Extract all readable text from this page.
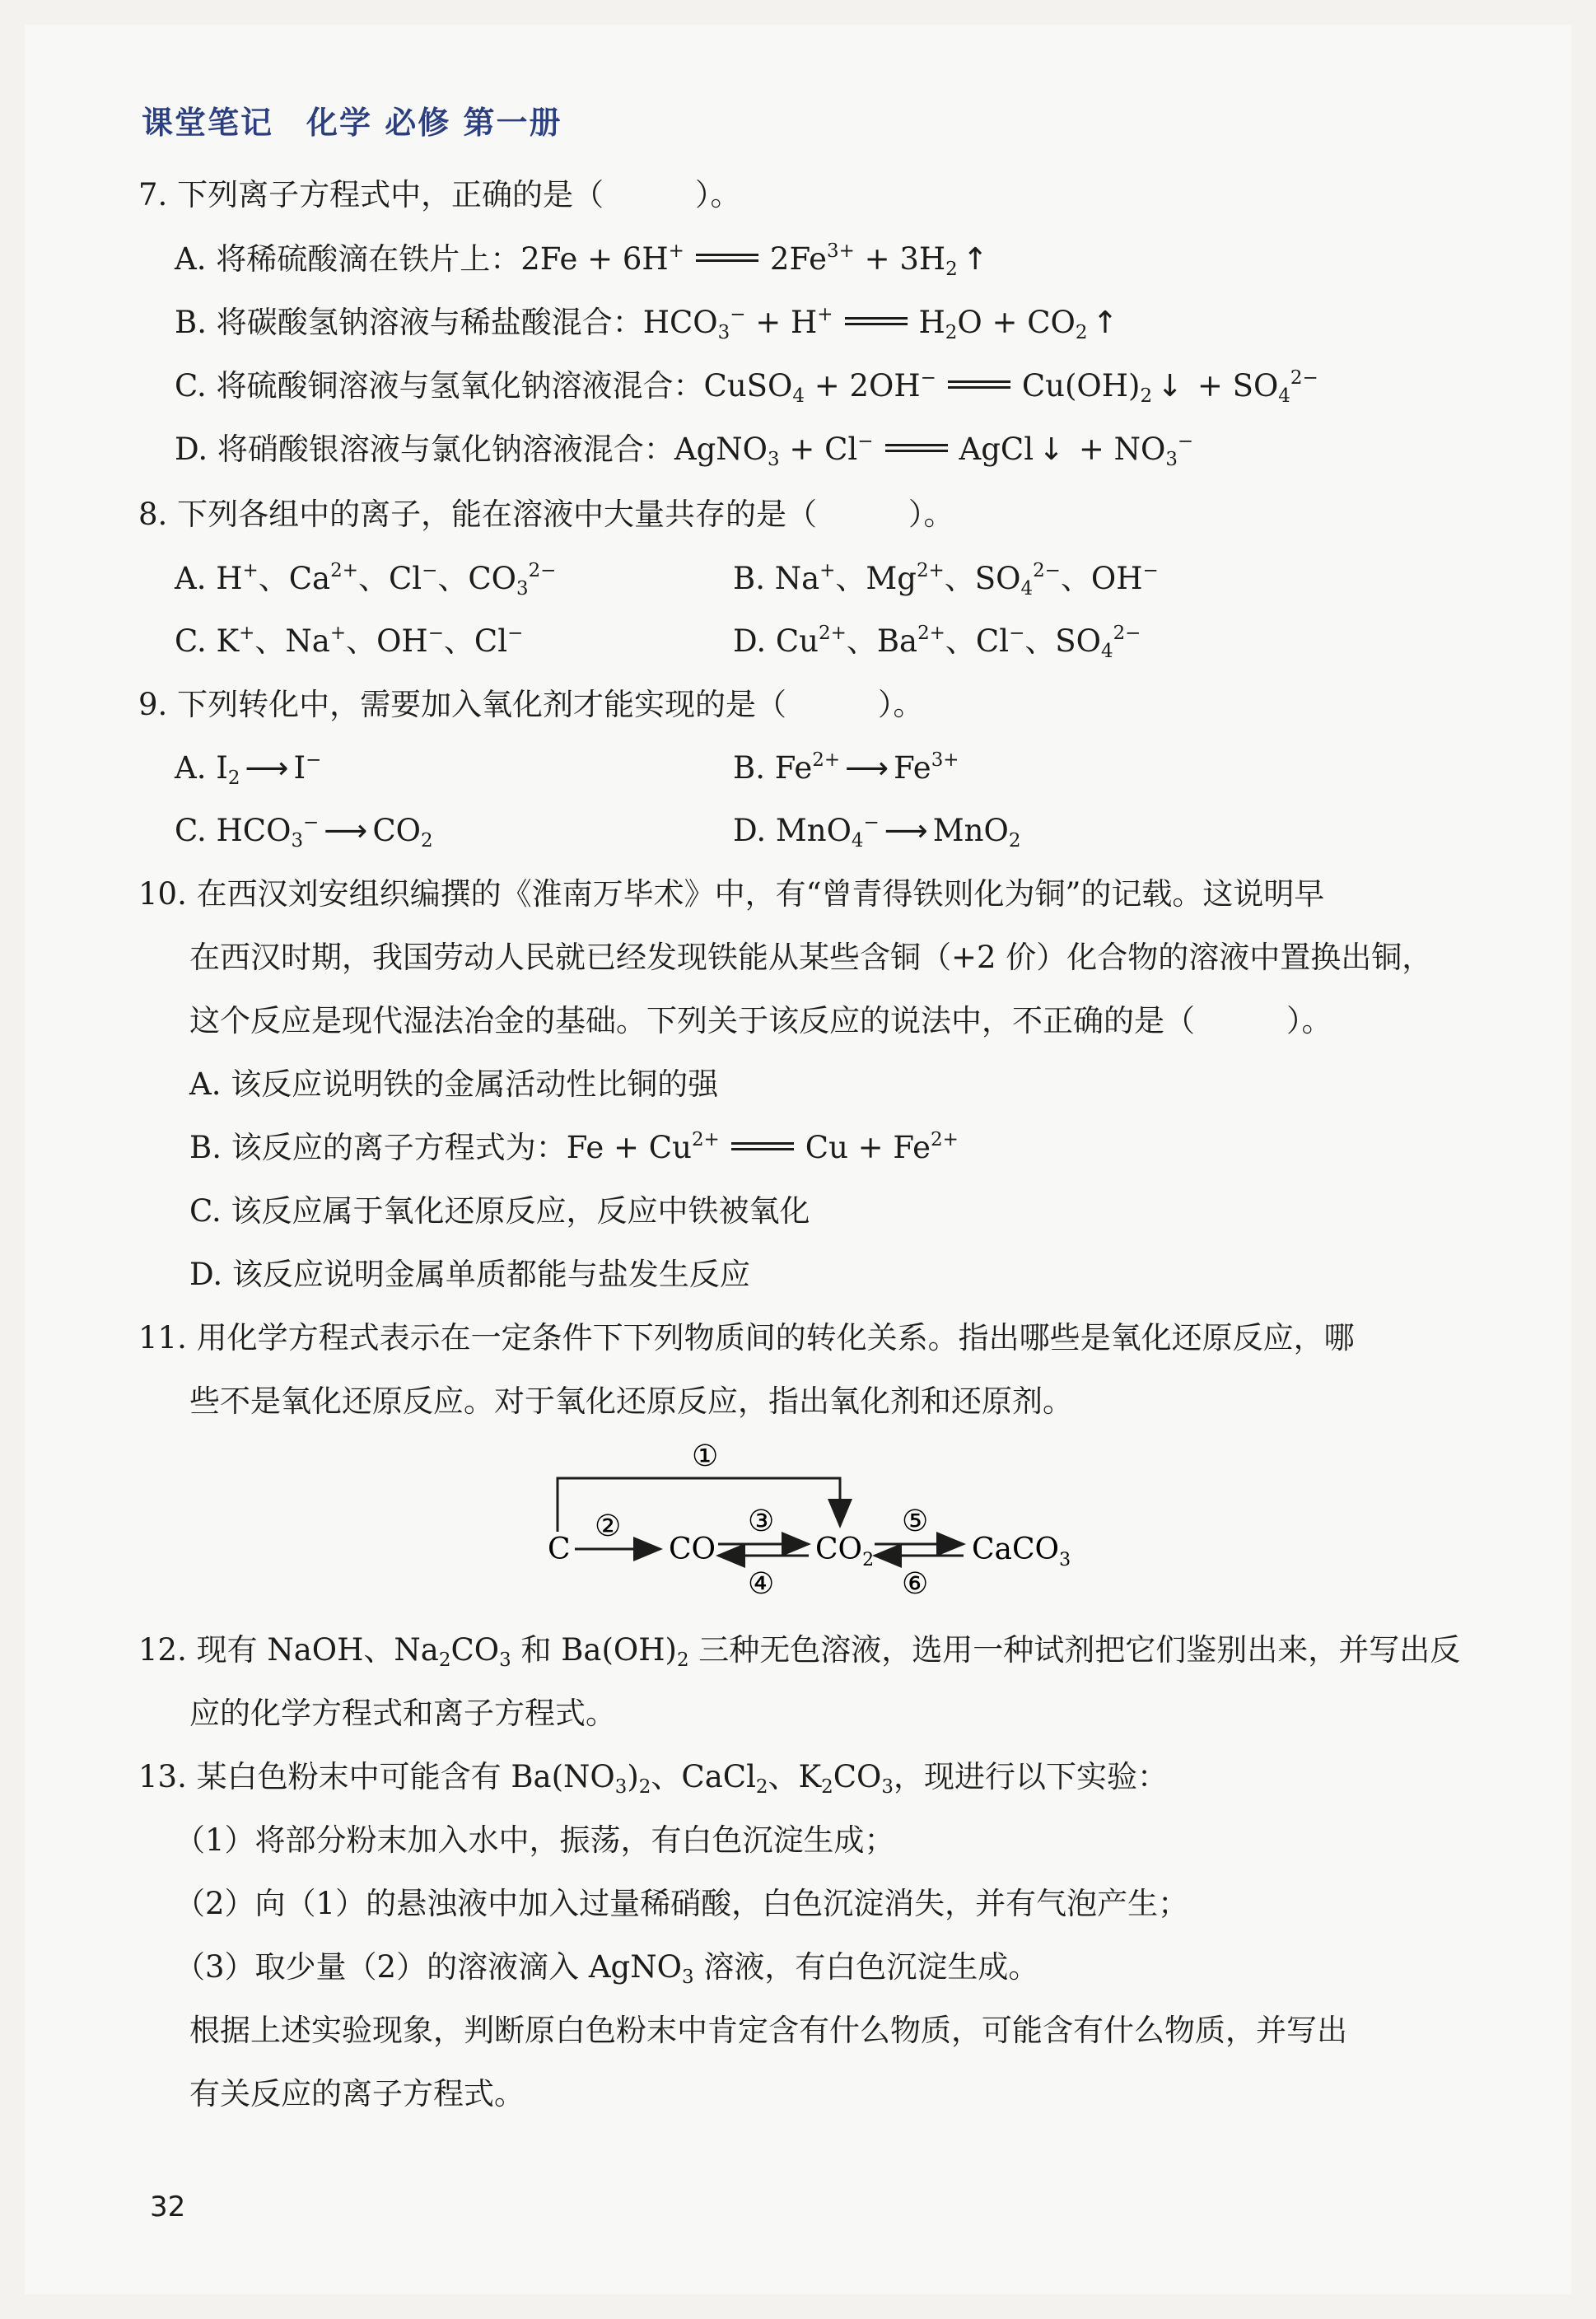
课堂笔记　化学 必修 第一册
7. 下列离子方程式中，正确的是（　　　）。
A. 将稀硫酸滴在铁片上：2Fe + 6H+	$2Fe^{3+} + 3H_2$ ↑
B. 将碳酸氢钠溶液与稀盐酸混合：$HCO_3^- + H^+$	$H_2O + CO_2$ ↑
C. 将硫酸铜溶液与氢氧化钠溶液混合：CuSO$_4$ + 2OH−	$Cu(OH)_2$ ↓ + $SO_4^{2-}$
D. 将硝酸银溶液与氯化钠溶液混合：AgNO$_3$ + Cl−	AgCl ↓ + $NO_3^-$
8. 下列各组中的离子，能在溶液中大量共存的是（　　　）。
A. H+、$Ca^{2+}$、Cl−、$CO_3^{2-}$	B. Na+、$Mg^{2+}$、$SO_4^{2-}$、OH−
C. K+、Na+、OH−、Cl−	D. $Cu^{2+}$、$Ba^{2+}$、Cl−、$SO_4^{2-}$
9. 下列转化中，需要加入氧化剂才能实现的是（　　　）。
A. $I_2$ ⟶ I−	B. $Fe^{2+}$ ⟶ $Fe^{3+}$
C. $HCO_3^-$ ⟶ $CO_2$	D. MnO$_4$− ⟶ MnO$_2$
10. 在西汉刘安组织编撰的《淮南万毕术》中，有“曾青得铁则化为铜”的记载。这说明早
在西汉时期，我国劳动人民就已经发现铁能从某些含铜（+2 价）化合物的溶液中置换出铜，
这个反应是现代湿法冶金的基础。下列关于该反应的说法中，不正确的是（　　　）。
A. 该反应说明铁的金属活动性比铜的强
B. 该反应的离子方程式为：$Fe + Cu^{2+}$	$Cu + Fe^{2+}$
C. 该反应属于氧化还原反应，反应中铁被氧化
D. 该反应说明金属单质都能与盐发生反应
11. 用化学方程式表示在一定条件下下列物质间的转化关系。指出哪些是氧化还原反应，哪
些不是氧化还原反应。对于氧化还原反应，指出氧化剂和还原剂。
①
C
②
CO
③
④
$CO_2$
⑤
⑥
CaCO$_3$
12. 现有 NaOH、$Na_2CO_3$ 和 $Ba(OH)_2$ 三种无色溶液，选用一种试剂把它们鉴别出来，并写出反
应的化学方程式和离子方程式。
13. 某白色粉末中可能含有 $Ba(NO_3)_2$、CaCl$_2$、$K_2CO_3$，现进行以下实验：
（1）将部分粉末加入水中，振荡，有白色沉淀生成；
（2）向（1）的悬浊液中加入过量稀硝酸，白色沉淀消失，并有气泡产生；
（3）取少量（2）的溶液滴入 AgNO$_3$ 溶液，有白色沉淀生成。
根据上述实验现象，判断原白色粉末中肯定含有什么物质，可能含有什么物质，并写出
有关反应的离子方程式。
32
